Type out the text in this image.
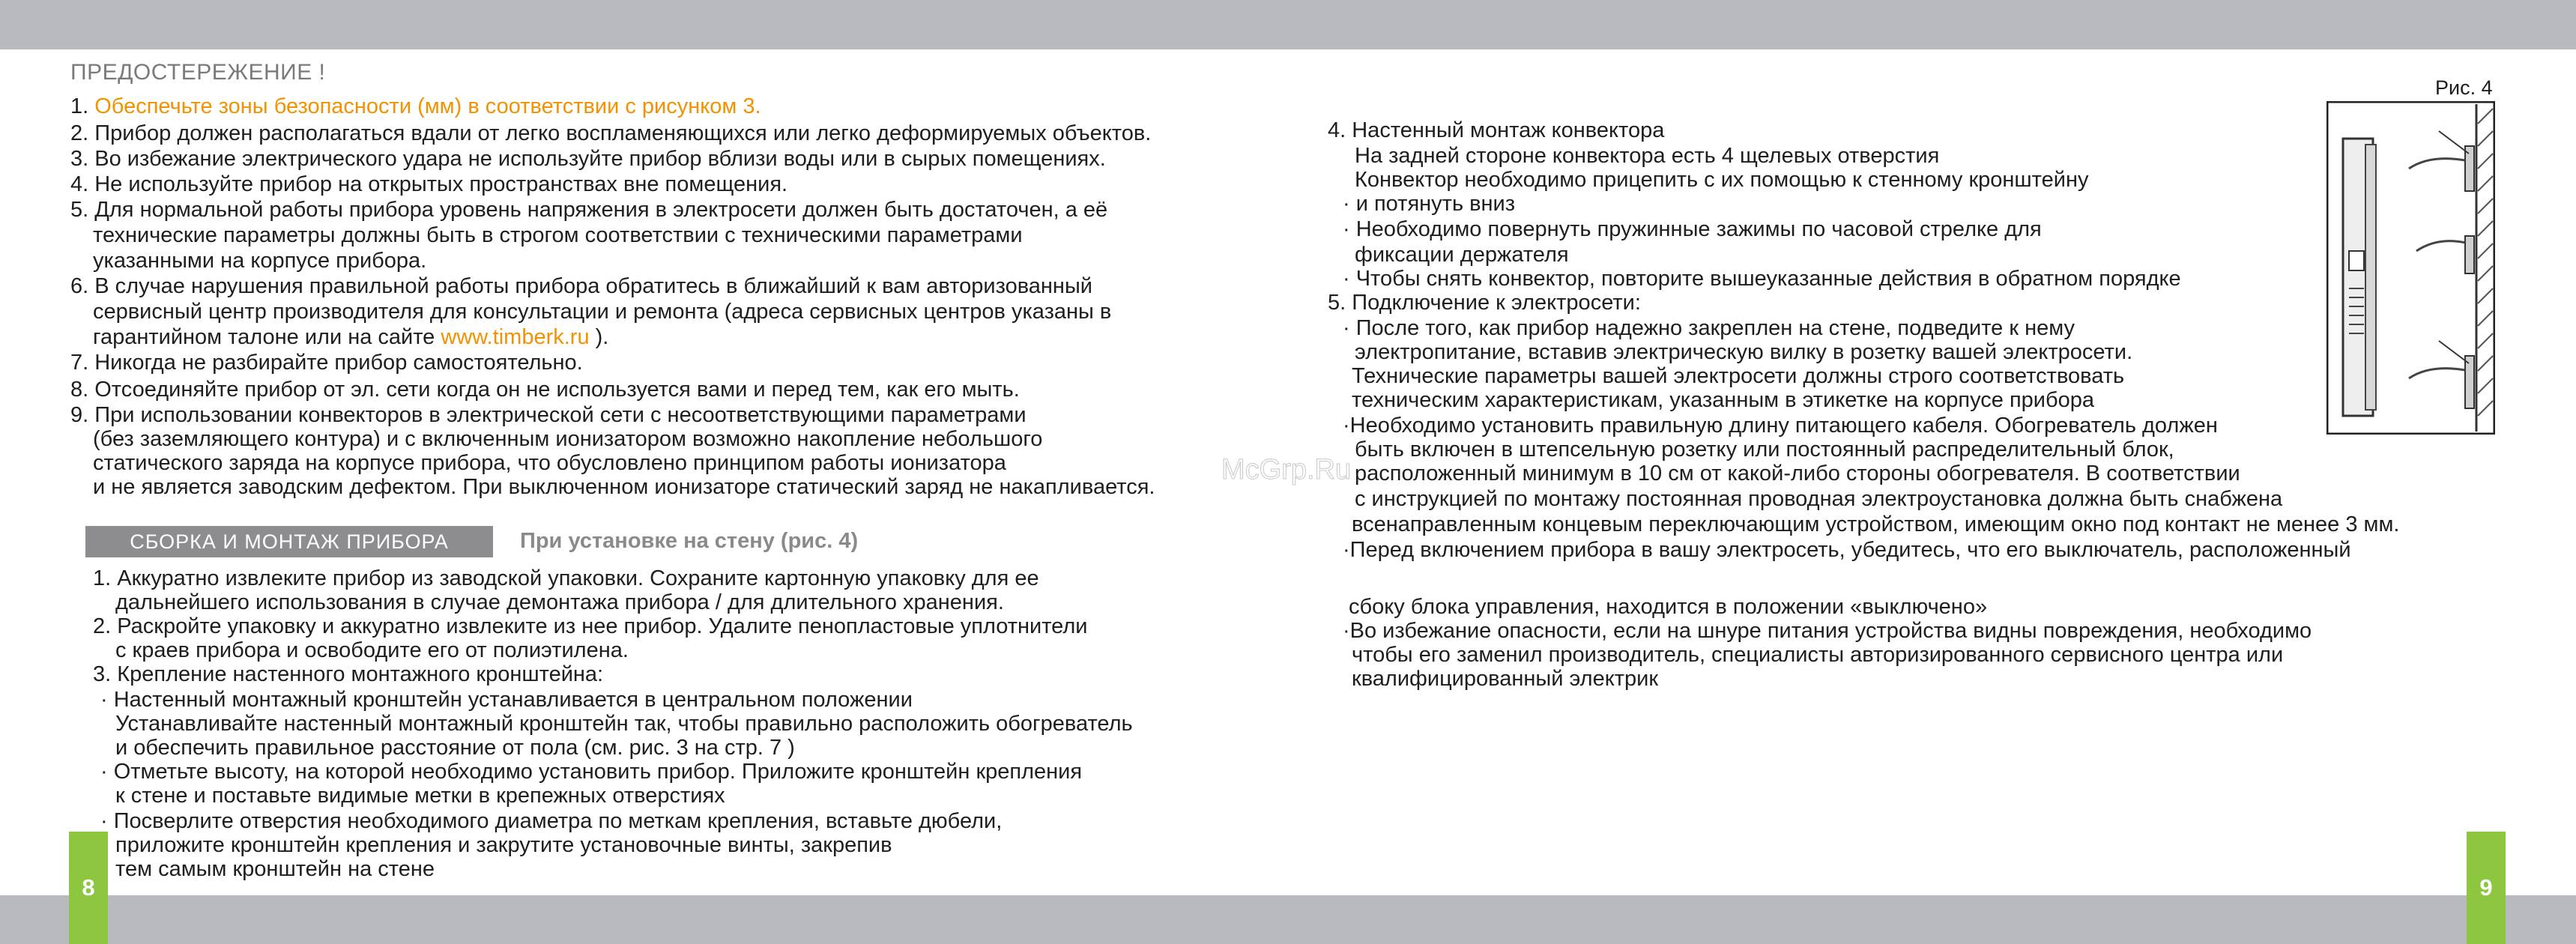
8	9
ПРЕДОСТЕРЕЖЕНИЕ !
1. Обеспечьте зоны безопасности (мм) в соответствии с рисунком 3.
2. Прибор должен располагаться вдали от легко воспламеняющихся или легко деформируемых объектов.
3. Во избежание электрического удара не используйте прибор вблизи воды или в сырых помещениях.
4. Не используйте прибор на открытых пространствах вне помещения.
5. Для нормальной работы прибора уровень напряжения в электросети должен быть достаточен, а её
технические параметры должны быть в строгом соответствии с техническими параметрами
указанными на корпусе прибора.
6. В случае нарушения правильной работы прибора обратитесь в ближайший к вам авторизованный
сервисный центр производителя для консультации и ремонта (адреса сервисных центров указаны в
гарантийном талоне или на сайте www.timberk.ru ).
7. Никогда не разбирайте прибор самостоятельно.
8. Отсоединяйте прибор от эл. сети когда он не используется вами и перед тем, как его мыть.
9. При использовании конвекторов в электрической сети с несоответствующими параметрами
(без заземляющего контура) и с включенным ионизатором возможно накопление небольшого
статического заряда на корпусе прибора, что обусловлено принципом работы ионизатора
и не является заводским дефектом. При выключенном ионизаторе статический заряд не накапливается.
McGrp.Ru
СБОРКА И МОНТАЖ ПРИБОРА	При установке на стену (рис. 4)
1. Аккуратно извлеките прибор из заводской упаковки. Сохраните картонную упаковку для ее
дальнейшего использования в случае демонтажа прибора / для длительного хранения.
2. Раскройте упаковку и аккуратно извлеките из нее прибор. Удалите пенопластовые уплотнители
с краев прибора и освободите его от полиэтилена.
3. Крепление настенного монтажного кронштейна:
· Настенный монтажный кронштейн устанавливается в центральном положении
Устанавливайте настенный монтажный кронштейн так, чтобы правильно расположить обогреватель
и обеспечить правильное расстояние от пола (см. рис. 3 на стр. 7 )
· Отметьте высоту, на которой необходимо установить прибор. Приложите кронштейн крепления
к стене и поставьте видимые метки в крепежных отверстиях
· Посверлите отверстия необходимого диаметра по меткам крепления, вставьте дюбели,
приложите кронштейн крепления и закрутите установочные винты, закрепив
тем самым кронштейн на стене
4. Настенный монтаж конвектора
На задней стороне конвектора есть 4 щелевых отверстия
Конвектор необходимо прицепить с их помощью к стенному кронштейну
· и потянуть вниз
· Необходимо повернуть пружинные зажимы по часовой стрелке для
фиксации держателя
· Чтобы снять конвектор, повторите вышеуказанные действия в обратном порядке
5. Подключение к электросети:
· После того, как прибор надежно закреплен на стене, подведите к нему
электропитание, вставив электрическую вилку в розетку вашей электросети.
Технические параметры вашей электросети должны строго соответствовать
техническим характеристикам, указанным в этикетке на корпусе прибора
·Необходимо установить правильную длину питающего кабеля. Обогреватель должен
быть включен в штепсельную розетку или постоянный распределительный блок,
расположенный минимум в 10 см от какой-либо стороны обогревателя. В соответствии
с инструкцией по монтажу постоянная проводная электроустановка должна быть снабжена
всенаправленным концевым переключающим устройством, имеющим окно под контакт не менее 3 мм.
·Перед включением прибора в вашу электросеть, убедитесь, что его выключатель, расположенный
сбоку блока управления, находится в положении «выключено»
·Во избежание опасности, если на шнуре питания устройства видны повреждения, необходимо
чтобы его заменил производитель, специалисты авторизированного сервисного центра или
квалифицированный электрик
Рис. 4
